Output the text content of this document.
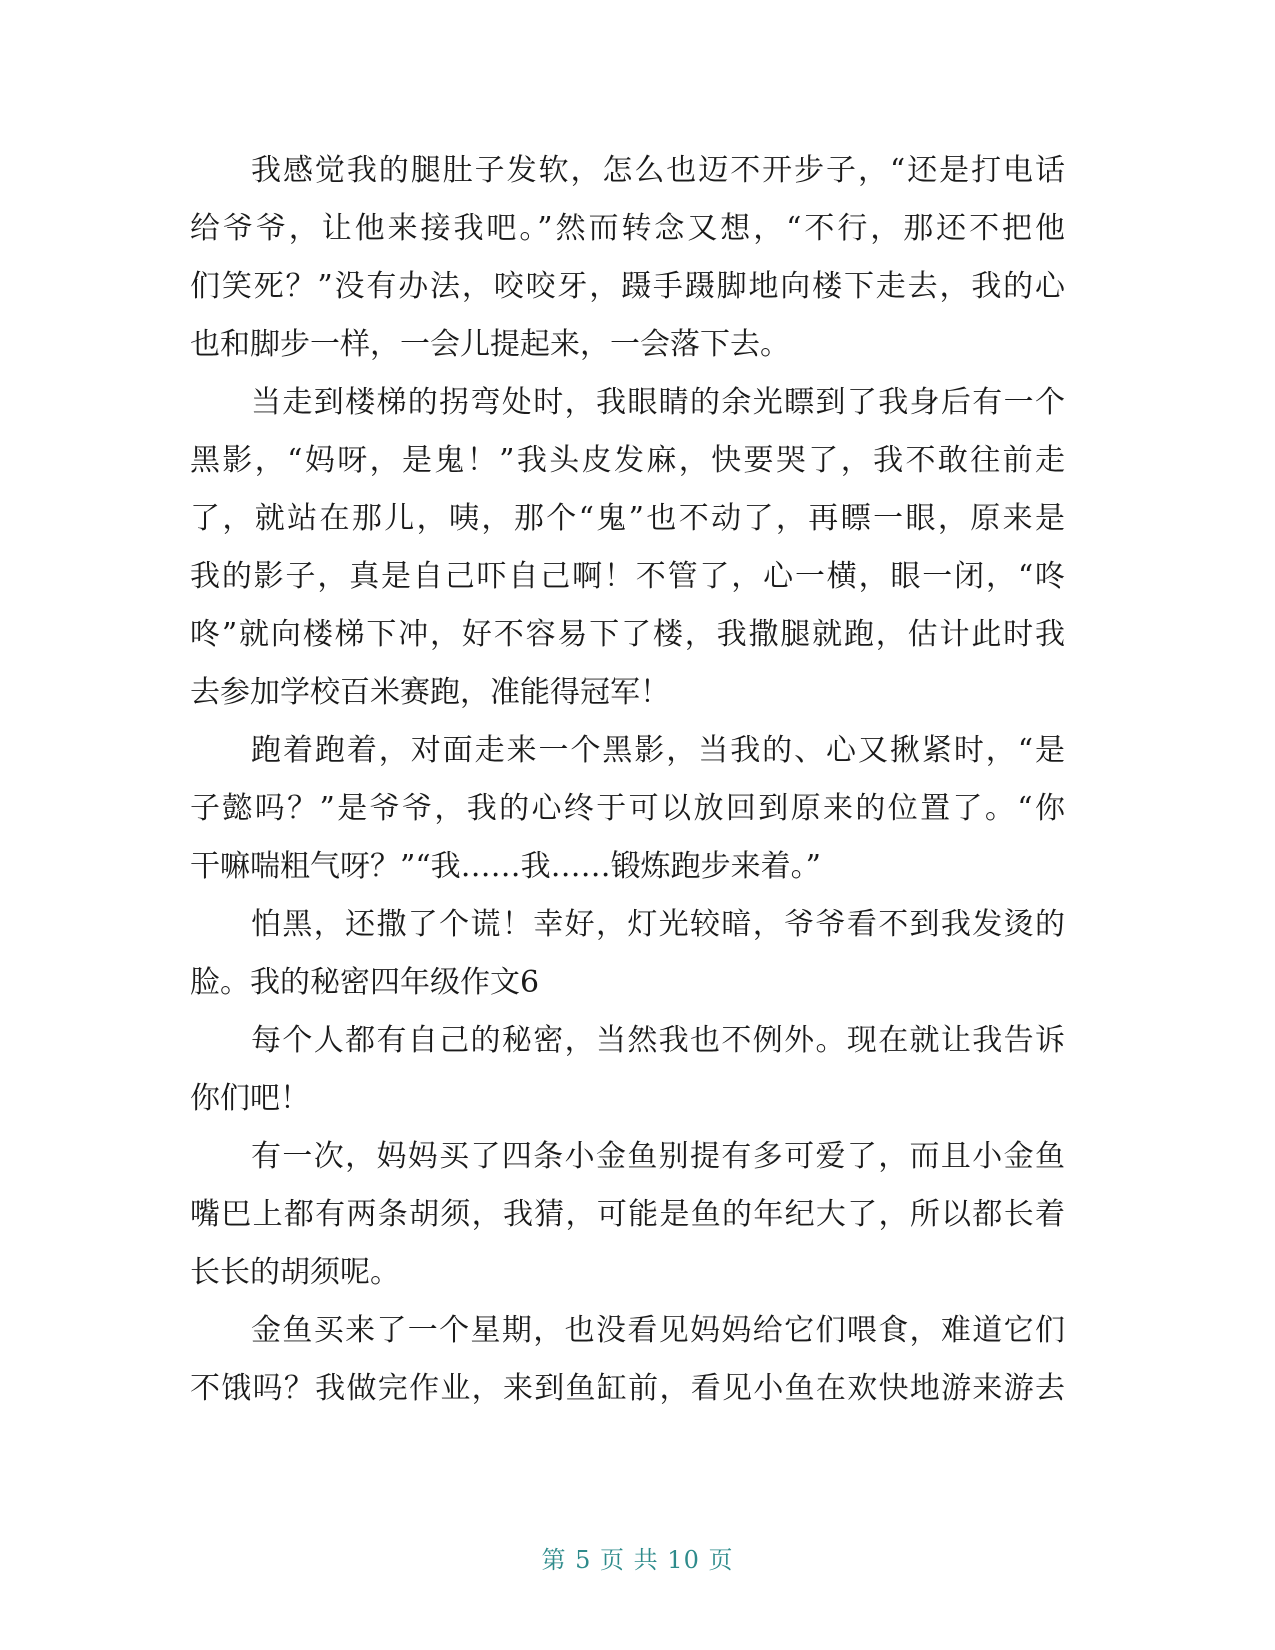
我感觉我的腿肚子发软，怎么也迈不开步子，“还是打电话
给爷爷，让他来接我吧。”然而转念又想，“不行，那还不把他
们笑死？”没有办法，咬咬牙，蹑手蹑脚地向楼下走去，我的心
也和脚步一样，一会儿提起来，一会落下去。
当走到楼梯的拐弯处时，我眼睛的余光瞟到了我身后有一个
黑影，“妈呀，是鬼！”我头皮发麻，快要哭了，我不敢往前走
了，就站在那儿，咦，那个“鬼”也不动了，再瞟一眼，原来是
我的影子，真是自己吓自己啊！不管了，心一横，眼一闭，“咚
咚”就向楼梯下冲，好不容易下了楼，我撒腿就跑，估计此时我
去参加学校百米赛跑，准能得冠军！
跑着跑着，对面走来一个黑影，当我的、心又揪紧时，“是
子懿吗？”是爷爷，我的心终于可以放回到原来的位置了。“你
干嘛喘粗气呀？”“我……我……锻炼跑步来着。”
怕黑，还撒了个谎！幸好，灯光较暗，爷爷看不到我发烫的
脸。我的秘密四年级作文6
每个人都有自己的秘密，当然我也不例外。现在就让我告诉
你们吧！
有一次，妈妈买了四条小金鱼别提有多可爱了，而且小金鱼
嘴巴上都有两条胡须，我猜，可能是鱼的年纪大了，所以都长着
长长的胡须呢。
金鱼买来了一个星期，也没看见妈妈给它们喂食，难道它们
不饿吗？我做完作业，来到鱼缸前，看见小鱼在欢快地游来游去
第 5 页 共 10 页
